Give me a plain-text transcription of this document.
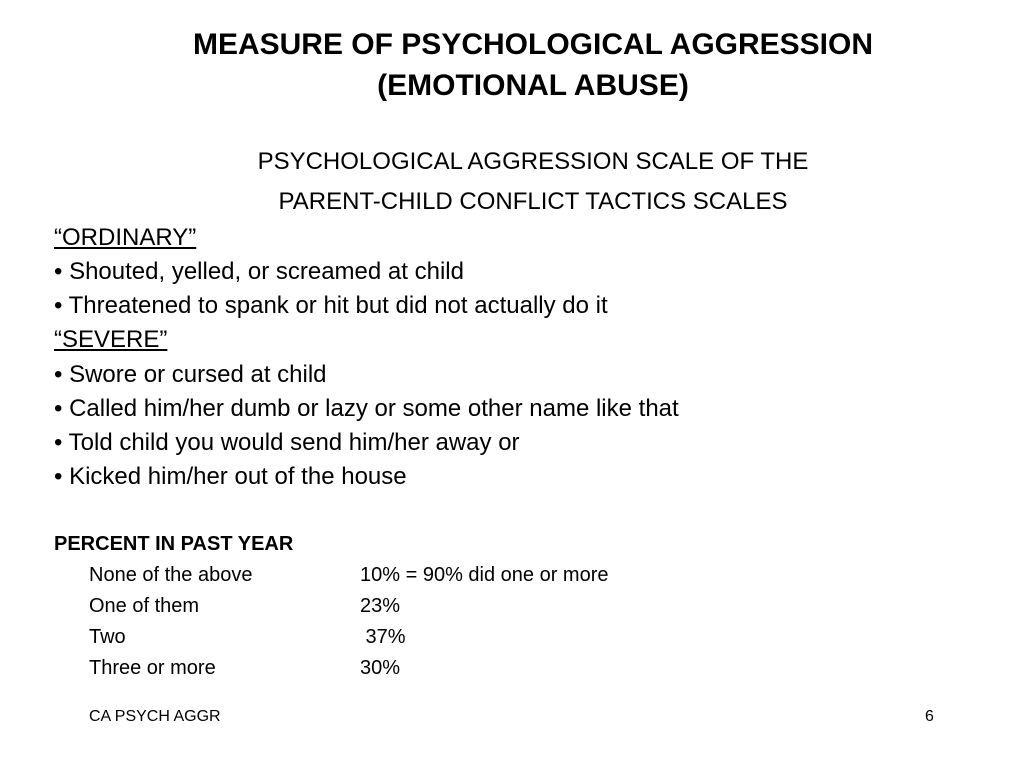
MEASURE OF PSYCHOLOGICAL AGGRESSION
(EMOTIONAL ABUSE)
PSYCHOLOGICAL AGGRESSION SCALE OF THE
PARENT-CHILD CONFLICT TACTICS SCALES
“ORDINARY”
• Shouted, yelled, or screamed at child
• Threatened to spank or hit but did not actually do it
“SEVERE”
• Swore or cursed at child
• Called him/her dumb or lazy or some other name like that
• Told child you would send him/her away or
• Kicked him/her out of the house
PERCENT IN PAST YEAR
None of the above	10% = 90% did one or more
One of them	23%
Two	37%
Three or more	30%
CA PSYCH AGGR	6
